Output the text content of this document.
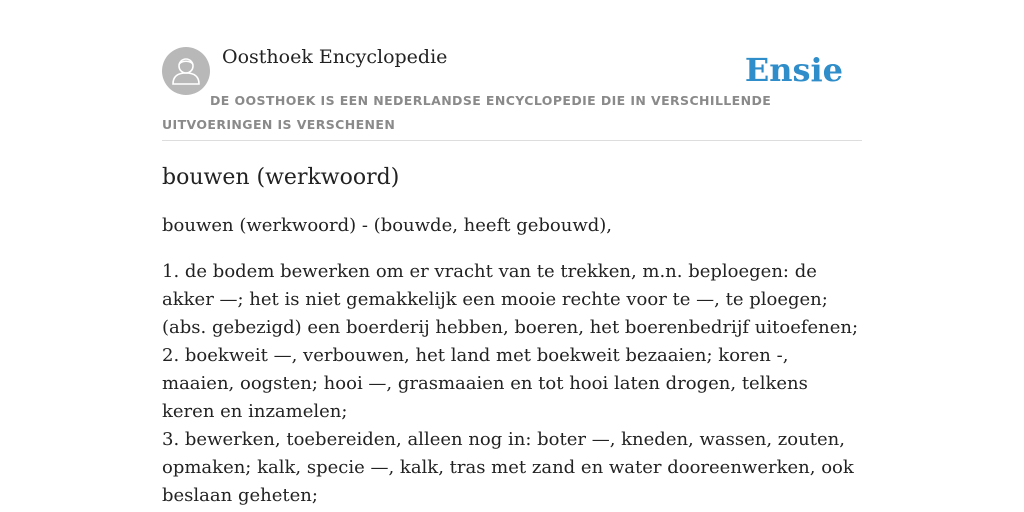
Oosthoek Encyclopedie	Ensie
DE OOSTHOEK IS EEN NEDERLANDSE ENCYCLOPEDIE DIE IN VERSCHILLENDE UITVOERINGEN IS VERSCHENEN
bouwen (werkwoord)

bouwen (werkwoord) - (bouwde, heeft gebouwd),

1. de bodem bewerken om er vracht van te trekken, m.n. beploegen: de akker —; het is niet gemakkelijk een mooie rechte voor te —, te ploegen; (abs. gebezigd) een boerderij hebben, boeren, het boerenbedrijf uitoefenen;
2. boekweit —, verbouwen, het land met boekweit bezaaien; koren -, maaien, oogsten; hooi —, grasmaaien en tot hooi laten drogen, telkens keren en inzamelen;
3. bewerken, toebereiden, alleen nog in: boter —, kneden, wassen, zouten, opmaken; kalk, specie —, kalk, tras met zand en water dooreenwerken, ook beslaan geheten;
